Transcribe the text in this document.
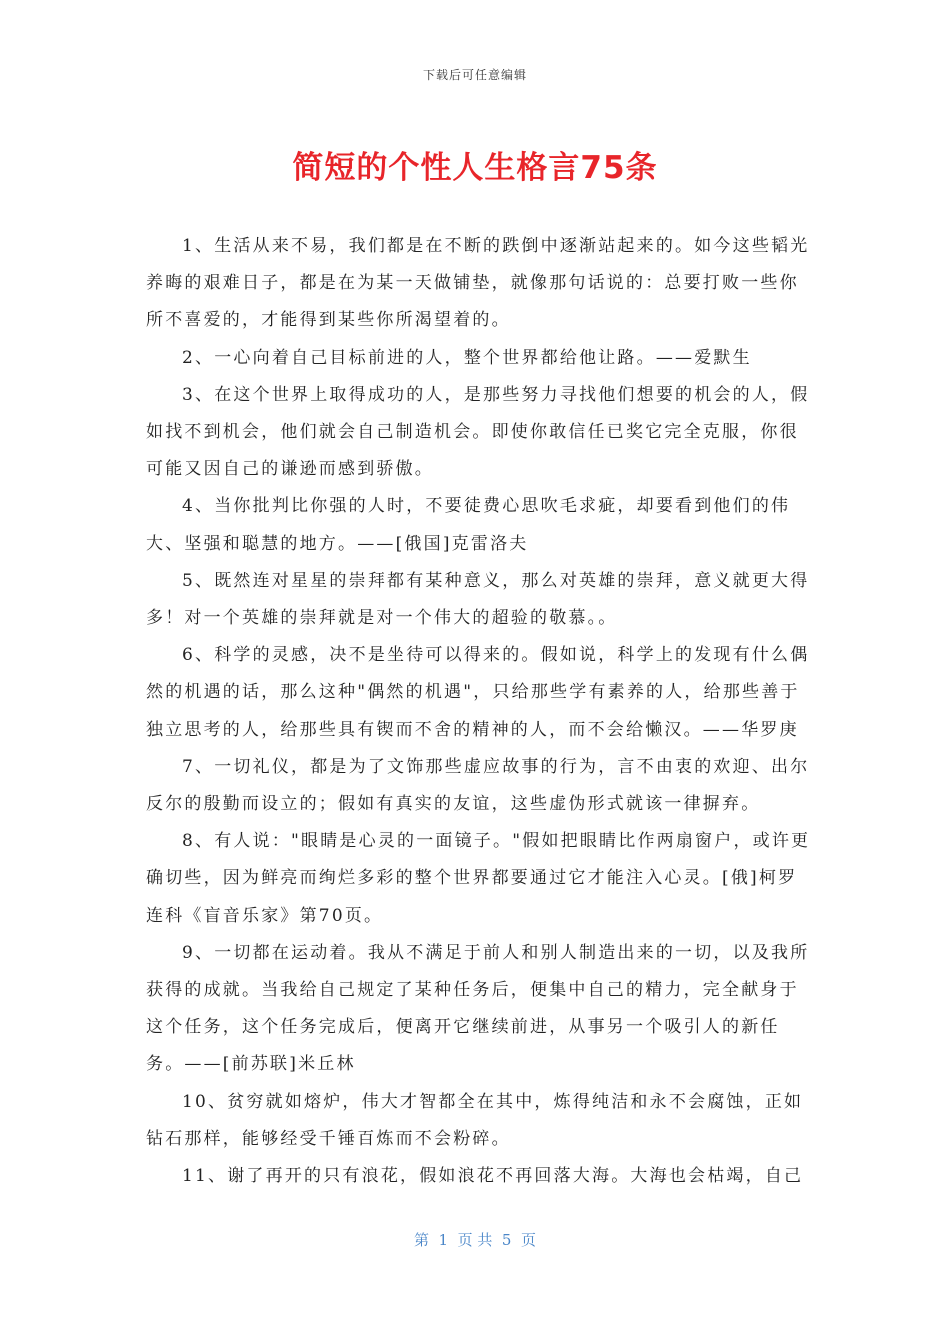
下载后可任意编辑
简短的个性人生格言75条

1、生活从来不易，我们都是在不断的跌倒中逐渐站起来的。如今这些韬光养晦的艰难日子，都是在为某一天做铺垫，就像那句话说的：总要打败一些你所不喜爱的，才能得到某些你所渴望着的。

2、一心向着自己目标前进的人，整个世界都给他让路。——爱默生

3、在这个世界上取得成功的人，是那些努力寻找他们想要的机会的人，假如找不到机会，他们就会自己制造机会。即使你敢信任已奖它完全克服，你很可能又因自己的谦逊而感到骄傲。

4、当你批判比你强的人时，不要徒费心思吹毛求疵，却要看到他们的伟大、坚强和聪慧的地方。——[俄国]克雷洛夫

5、既然连对星星的崇拜都有某种意义，那么对英雄的崇拜，意义就更大得多！对一个英雄的崇拜就是对一个伟大的超验的敬慕。。

6、科学的灵感，决不是坐待可以得来的。假如说，科学上的发现有什么偶然的机遇的话，那么这种"偶然的机遇"，只给那些学有素养的人，给那些善于独立思考的人，给那些具有锲而不舍的精神的人，而不会给懒汉。——华罗庚

7、一切礼仪，都是为了文饰那些虚应故事的行为，言不由衷的欢迎、出尔反尔的殷勤而设立的；假如有真实的友谊，这些虚伪形式就该一律摒弃。

8、有人说："眼睛是心灵的一面镜子。"假如把眼睛比作两扇窗户，或许更确切些，因为鲜亮而绚烂多彩的整个世界都要通过它才能注入心灵。[俄]柯罗连科《盲音乐家》第70页。

9、一切都在运动着。我从不满足于前人和别人制造出来的一切，以及我所获得的成就。当我给自己规定了某种任务后，便集中自己的精力，完全献身于这个任务，这个任务完成后，便离开它继续前进，从事另一个吸引人的新任务。——[前苏联]米丘林

10、贫穷就如熔炉，伟大才智都全在其中，炼得纯洁和永不会腐蚀，正如钻石那样，能够经受千锤百炼而不会粉碎。

11、谢了再开的只有浪花，假如浪花不再回落大海。大海也会枯竭，自己

第  1  页 共  5  页
